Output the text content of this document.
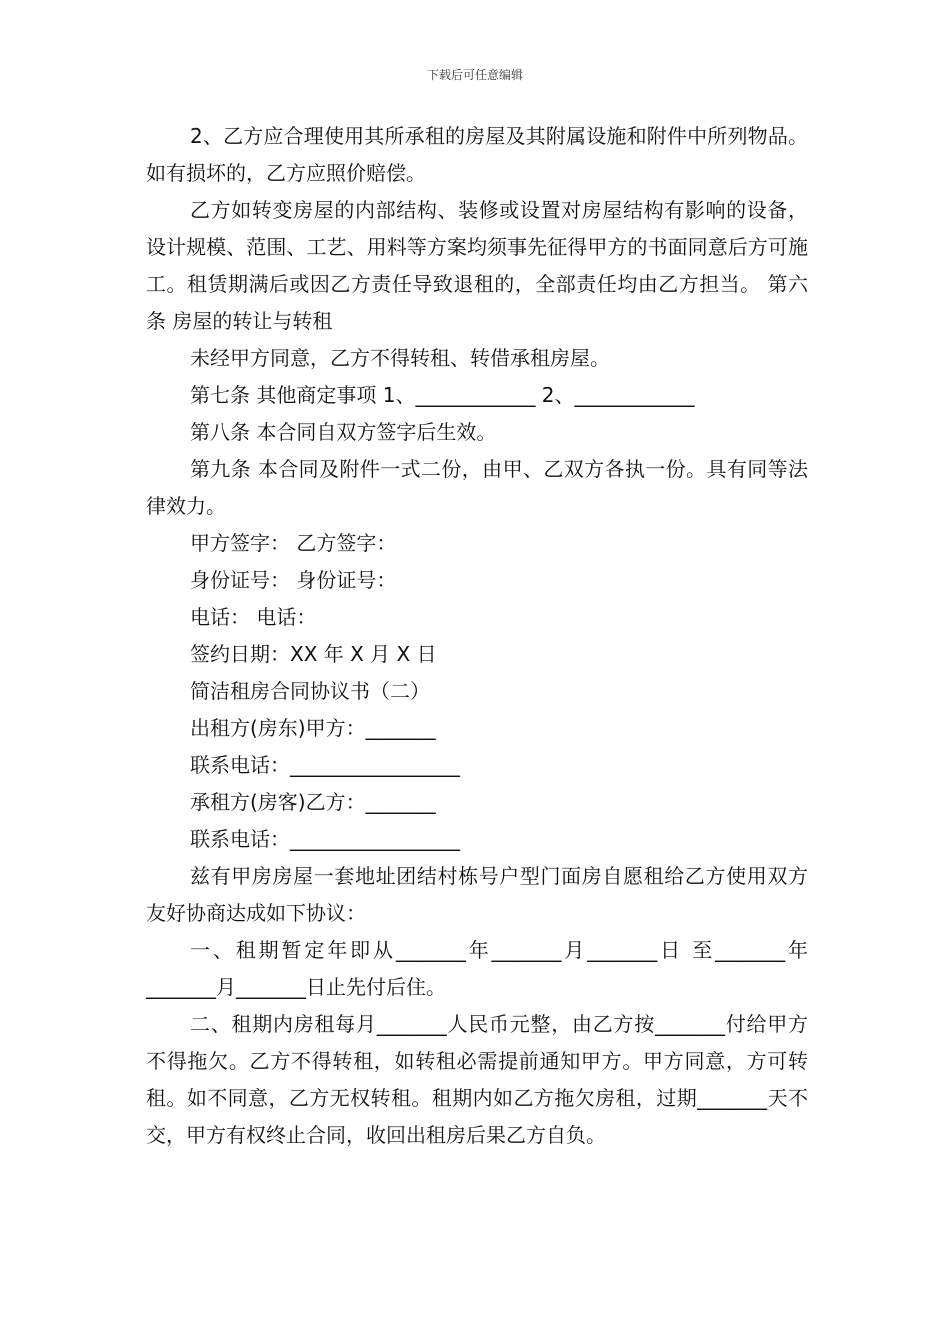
下载后可任意编辑

2、乙方应合理使用其所承租的房屋及其附属设施和附件中所列物品。如有损坏的，乙方应照价赔偿。

乙方如转变房屋的内部结构、装修或设置对房屋结构有影响的设备，设计规模、范围、工艺、用料等方案均须事先征得甲方的书面同意后方可施工。租赁期满后或因乙方责任导致退租的，全部责任均由乙方担当。 第六条 房屋的转让与转租

未经甲方同意，乙方不得转租、转借承租房屋。

第七条 其他商定事项 1、____________ 2、____________

第八条 本合同自双方签字后生效。

第九条 本合同及附件一式二份，由甲、乙双方各执一份。具有同等法律效力。

甲方签字： 乙方签字：

身份证号： 身份证号：

电话： 电话：

签约日期：XX 年 X 月 X 日

简洁租房合同协议书（二）

出租方(房东)甲方：_______

联系电话：_________________

承租方(房客)乙方：_______

联系电话：_________________

兹有甲房房屋一套地址团结村栋号户型门面房自愿租给乙方使用双方友好协商达成如下协议：

一、租期暂定年即从_______年_______月_______日 至_______年_______月_______日止先付后住。

二、租期内房租每月_______人民币元整，由乙方按_______付给甲方不得拖欠。乙方不得转租，如转租必需提前通知甲方。甲方同意，方可转租。如不同意，乙方无权转租。租期内如乙方拖欠房租，过期_______天不交，甲方有权终止合同，收回出租房后果乙方自负。
